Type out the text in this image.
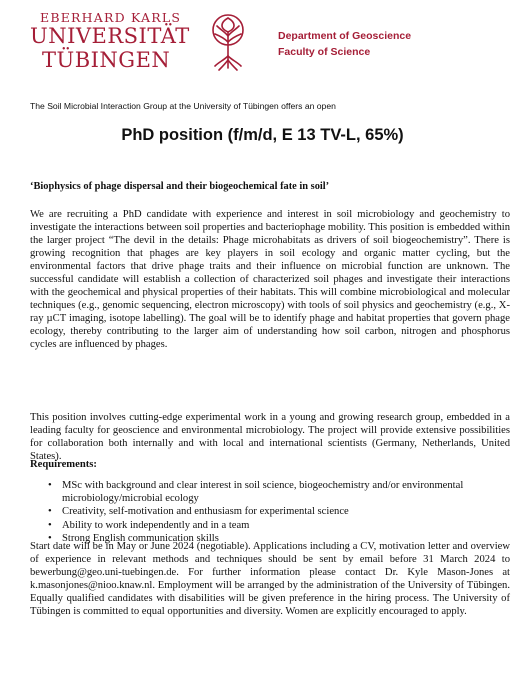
EBERHARD KARLS
UNIVERSITÄT
TÜBINGEN
Department of Geoscience
Faculty of Science
The Soil Microbial Interaction Group at the University of Tübingen offers an open
PhD position (f/m/d, E 13 TV-L, 65%)
‘Biophysics of phage dispersal and their biogeochemical fate in soil’
We are recruiting a PhD candidate with experience and interest in soil microbiology and geochemistry to investigate the interactions between soil properties and bacteriophage mobility. This position is embedded within the larger project “The devil in the details: Phage microhabitats as drivers of soil biogeochemistry”. There is growing recognition that phages are key players in soil ecology and organic matter cycling, but the environmental factors that drive phage traits and their influence on microbial function are unknown. The successful candidate will establish a collection of characterized soil phages and investigate their interactions with the geochemical and physical properties of their habitats. This will combine microbiological and molecular techniques (e.g., genomic sequencing, electron microscopy) with tools of soil physics and geochemistry (e.g., X-ray µCT imaging, isotope labelling). The goal will be to identify phage and habitat properties that govern phage ecology, thereby contributing to the larger aim of understanding how soil carbon, nitrogen and phosphorus cycles are influenced by phages.
This position involves cutting-edge experimental work in a young and growing research group, embedded in a leading faculty for geoscience and environmental microbiology. The project will provide extensive possibilities for collaboration both internally and with local and international scientists (Germany, Netherlands, United States).
Requirements:
• MSc with background and clear interest in soil science, biogeochemistry and/or environmental microbiology/microbial ecology
• Creativity, self-motivation and enthusiasm for experimental science
• Ability to work independently and in a team
• Strong English communication skills
Start date will be in May or June 2024 (negotiable). Applications including a CV, motivation letter and overview of experience in relevant methods and techniques should be sent by email before 31 March 2024 to bewerbung@geo.uni-tuebingen.de. For further information please contact Dr. Kyle Mason-Jones at k.masonjones@nioo.knaw.nl. Employment will be arranged by the administration of the University of Tübingen. Equally qualified candidates with disabilities will be given preference in the hiring process. The University of Tübingen is committed to equal opportunities and diversity. Women are explicitly encouraged to apply.
